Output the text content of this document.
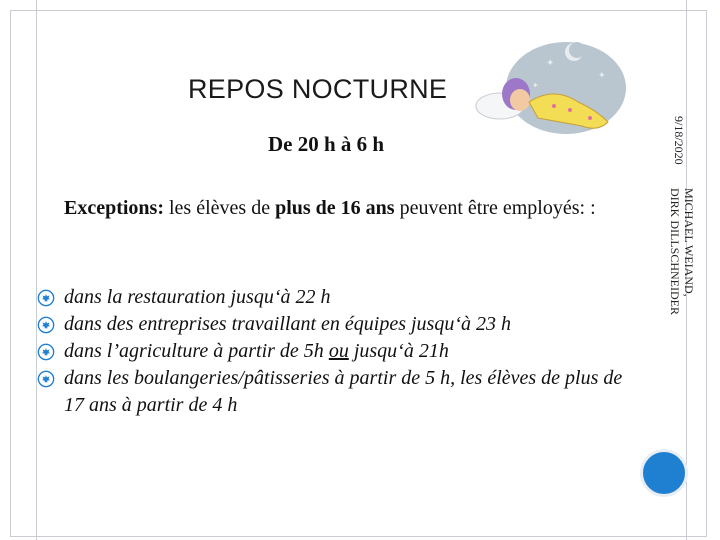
REPOS NOCTURNE
✦
✦
✦
De 20 h à 6 h
Exceptions: les élèves de plus de 16 ans peuvent être employés: :
dans la restauration jusqu‘à 22 h
dans des entreprises travaillant en équipes jusqu‘à 23 h
dans l’agriculture à partir de 5h ou jusqu‘à 21h
dans les boulangeries/pâtisseries à partir de 5 h, les élèves de plus de 17 ans à partir de 4 h
9/18/2020
MICHAEL WEIAND, DIRK DILLSCHNEIDER
